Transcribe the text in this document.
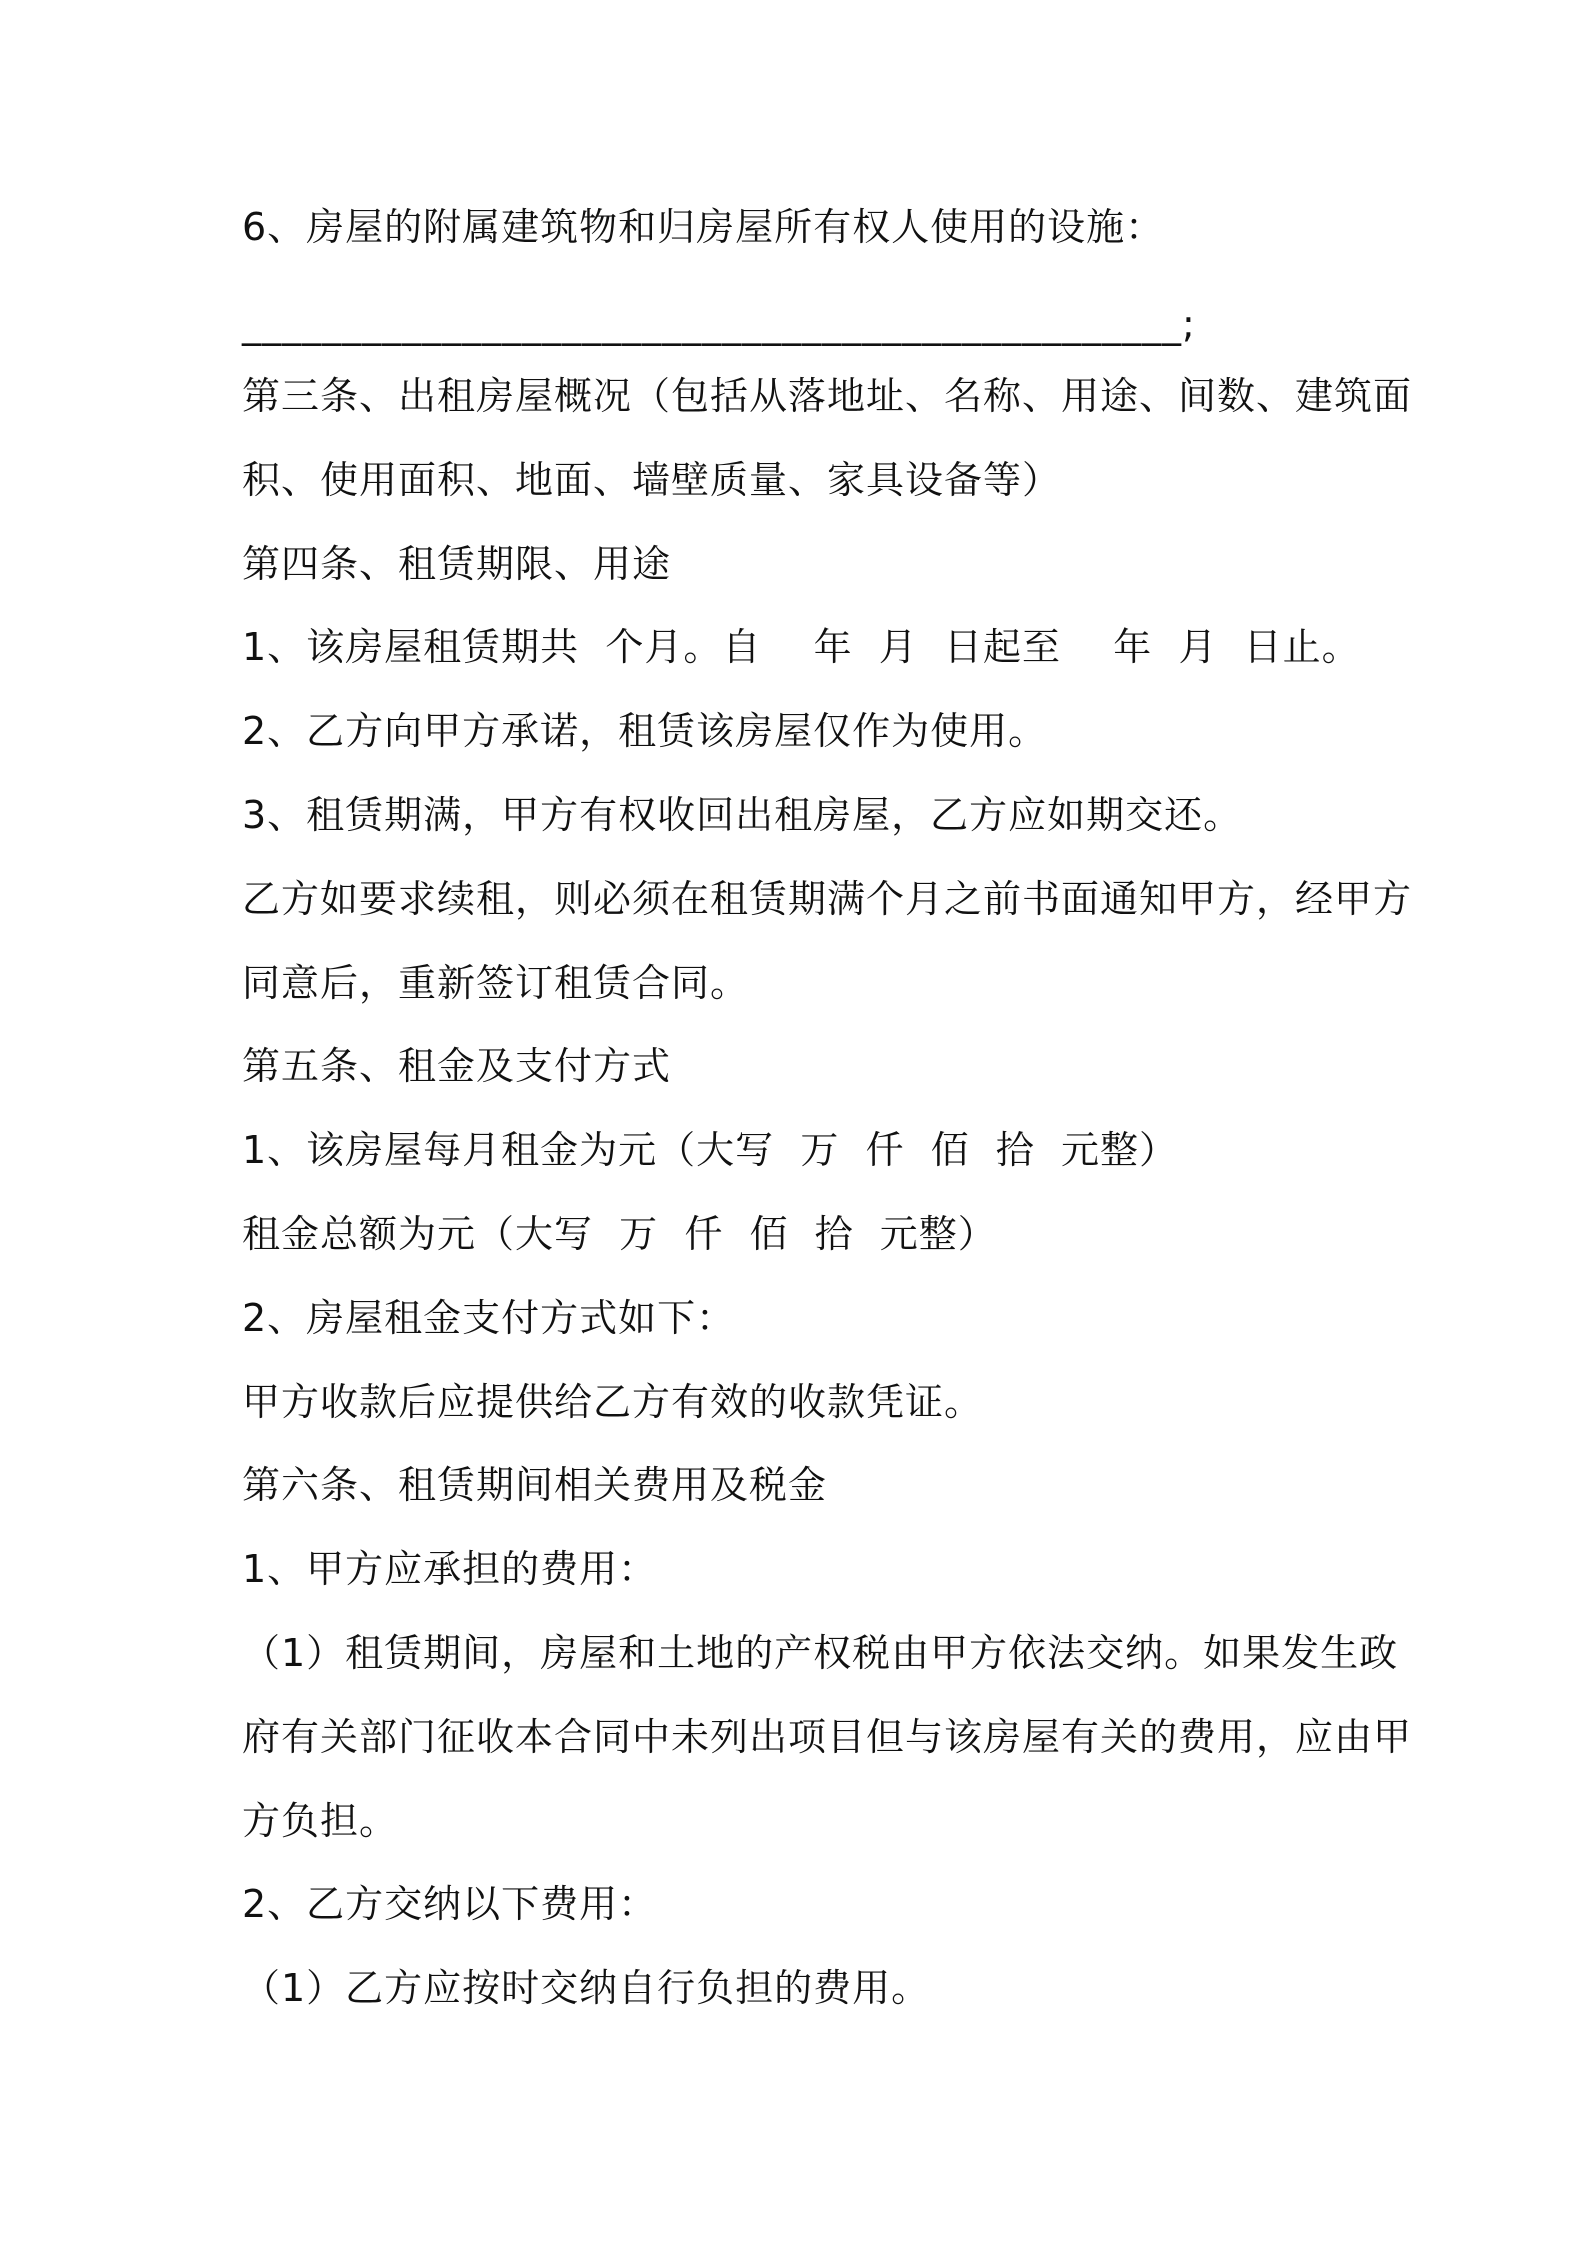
6、房屋的附属建筑物和归房屋所有权人使用的设施：
_______________________________________________;
第三条、出租房屋概况（包括从落地址、名称、用途、间数、建筑面
积、使用面积、地面、墙壁质量、家具设备等）
第四条、租赁期限、用途
1、该房屋租赁期共  个月。自    年  月  日起至    年  月  日止。
2、乙方向甲方承诺，租赁该房屋仅作为使用。
3、租赁期满，甲方有权收回出租房屋，乙方应如期交还。
乙方如要求续租，则必须在租赁期满个月之前书面通知甲方，经甲方
同意后，重新签订租赁合同。
第五条、租金及支付方式
1、该房屋每月租金为元（大写  万  仟  佰  拾  元整）
租金总额为元（大写  万  仟  佰  拾  元整）
2、房屋租金支付方式如下：
甲方收款后应提供给乙方有效的收款凭证。
第六条、租赁期间相关费用及税金
1、甲方应承担的费用：
（1）租赁期间，房屋和土地的产权税由甲方依法交纳。如果发生政
府有关部门征收本合同中未列出项目但与该房屋有关的费用，应由甲
方负担。
2、乙方交纳以下费用：
（1）乙方应按时交纳自行负担的费用。
